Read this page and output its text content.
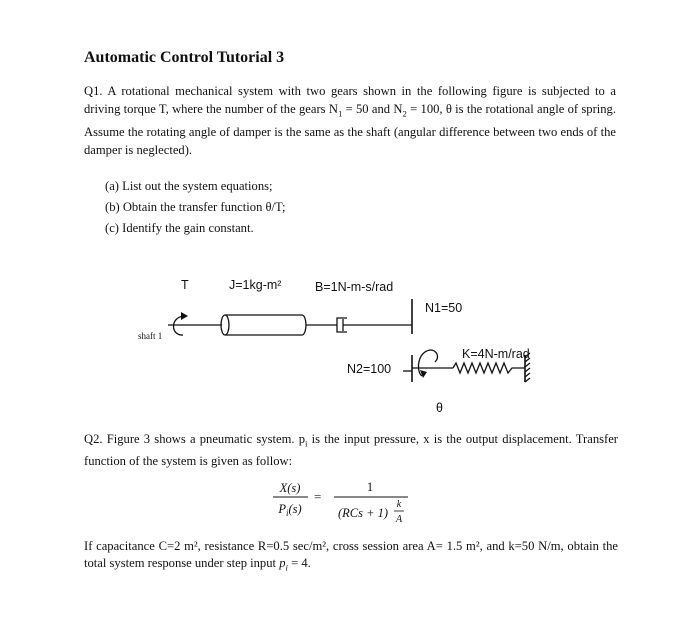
Automatic Control Tutorial 3
Q1. A rotational mechanical system with two gears shown in the following figure is subjected to a driving torque T, where the number of the gears $N_1 = 50$ and $N_2 = 100$, θ is the rotational angle of spring. Assume the rotating angle of damper is the same as the shaft (angular difference between two ends of the damper is neglected).
(a) List out the system equations;
(b) Obtain the transfer function θ/T;
(c) Identify the gain constant.
T	J=1kg-m²	B=1N-m-s/rad
N1=50
N2=100
K=4N-m/rad
θ
shaft 1
Q2. Figure 3 shows a pneumatic system. $p_i$ is the input pressure, x is the output displacement. Transfer function of the system is given as follow:
X(s)
$P_i(s)$
1
(RCs + 1)
k
A
=
If capacitance C=2 m², resistance R=0.5 sec/m², cross session area A= 1.5 m², and k=50 N/m, obtain the total system response under step input $p_i = 4$.
